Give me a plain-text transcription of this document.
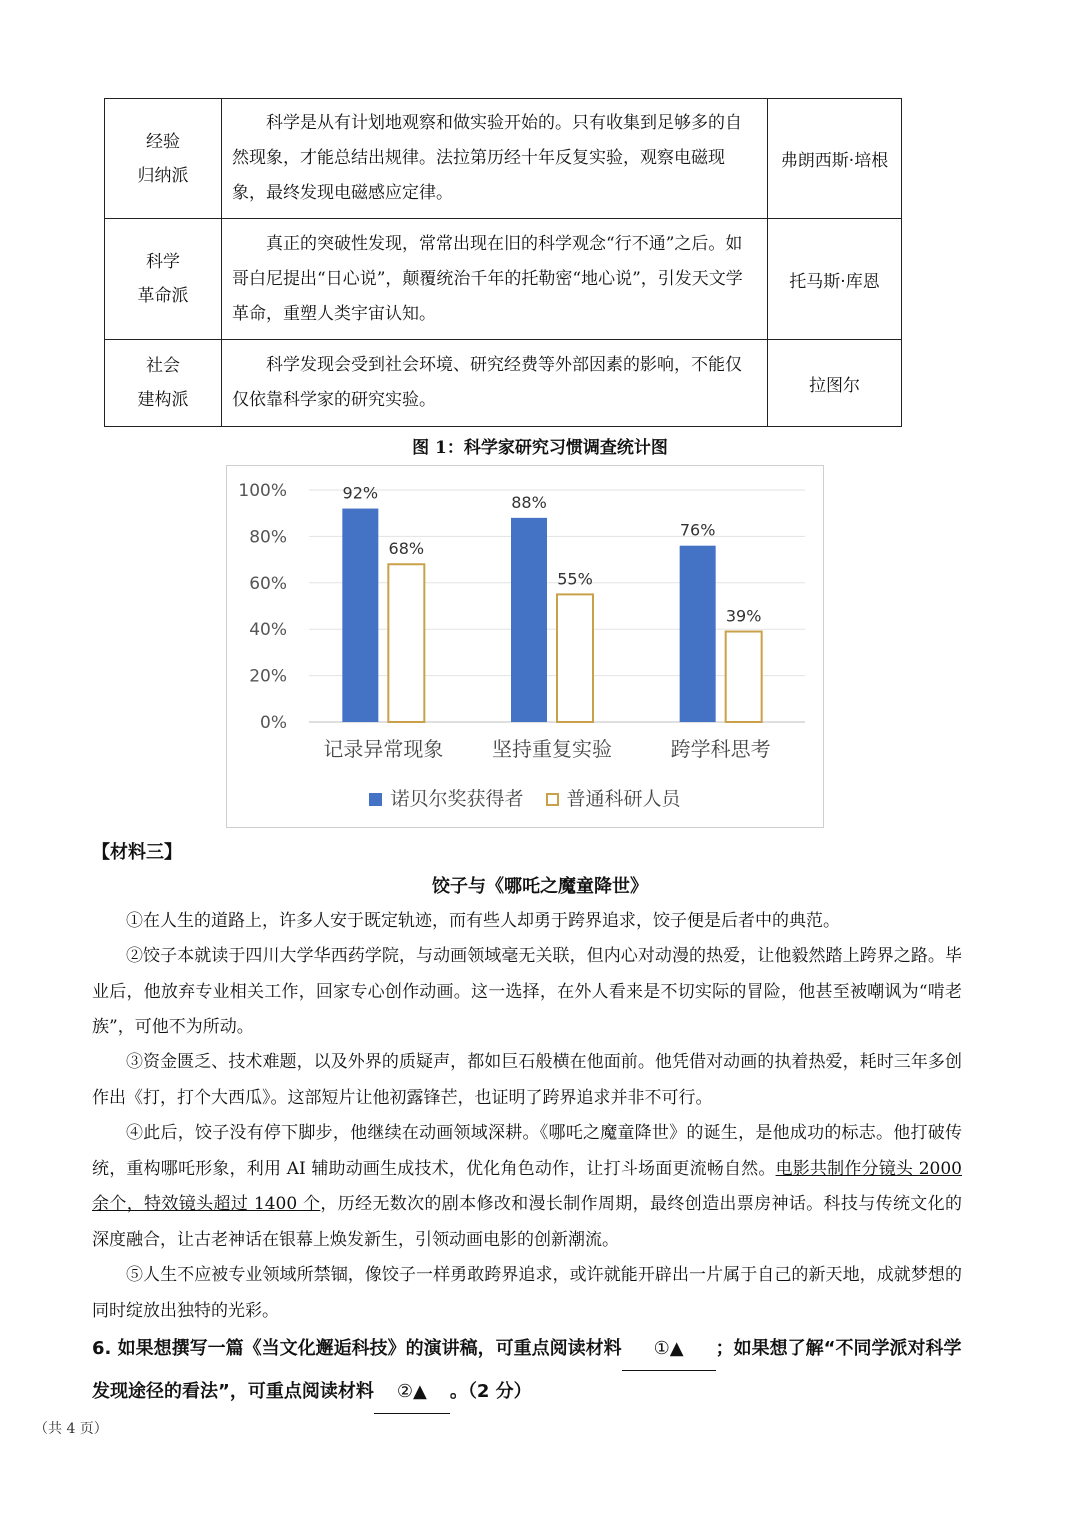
经验
归纳派	科学是从有计划地观察和做实验开始的。只有收集到足够多的自然现象，才能总结出规律。法拉第历经十年反复实验，观察电磁现象，最终发现电磁感应定律。	弗朗西斯·培根

科学
革命派	真正的突破性发现，常常出现在旧的科学观念“行不通”之后。如哥白尼提出“日心说”，颠覆统治千年的托勒密“地心说”，引发天文学革命，重塑人类宇宙认知。	托马斯·库恩

社会
建构派	科学发现会受到社会环境、研究经费等外部因素的影响，不能仅仅依靠科学家的研究实验。	拉图尔
图 1：科学家研究习惯调查统计图
0%
20%
40%
60%
80%
100%	92%
68%
记录异常现象
88%
55%
坚持重复实验
76%
39%
跨学科思考
诺贝尔奖获得者 普通科研人员
【材料三】
饺子与《哪吒之魔童降世》
①在人生的道路上，许多人安于既定轨迹，而有些人却勇于跨界追求，饺子便是后者中的典范。
②饺子本就读于四川大学华西药学院，与动画领域毫无关联，但内心对动漫的热爱，让他毅然踏上跨界之路。毕业后，他放弃专业相关工作，回家专心创作动画。这一选择，在外人看来是不切实际的冒险，他甚至被嘲讽为“啃老族”，可他不为所动。
③资金匮乏、技术难题，以及外界的质疑声，都如巨石般横在他面前。他凭借对动画的执着热爱，耗时三年多创作出《打，打个大西瓜》。这部短片让他初露锋芒，也证明了跨界追求并非不可行。
④此后，饺子没有停下脚步，他继续在动画领域深耕。《哪吒之魔童降世》的诞生，是他成功的标志。他打破传统，重构哪吒形象，利用 AI 辅助动画生成技术，优化角色动作，让打斗场面更流畅自然。电影共制作分镜头 2000 余个，特效镜头超过 1400 个，历经无数次的剧本修改和漫长制作周期，最终创造出票房神话。科技与传统文化的深度融合，让古老神话在银幕上焕发新生，引领动画电影的创新潮流。
⑤人生不应被专业领域所禁锢，像饺子一样勇敢跨界追求，或许就能开辟出一片属于自己的新天地，成就梦想的同时绽放出独特的光彩。
6. 如果想撰写一篇《当文化邂逅科技》的演讲稿，可重点阅读材料 ①▲ ；如果想了解“不同学派对科学发现途径的看法”，可重点阅读材料 ②▲ 。（2 分）
（共 4 页）
